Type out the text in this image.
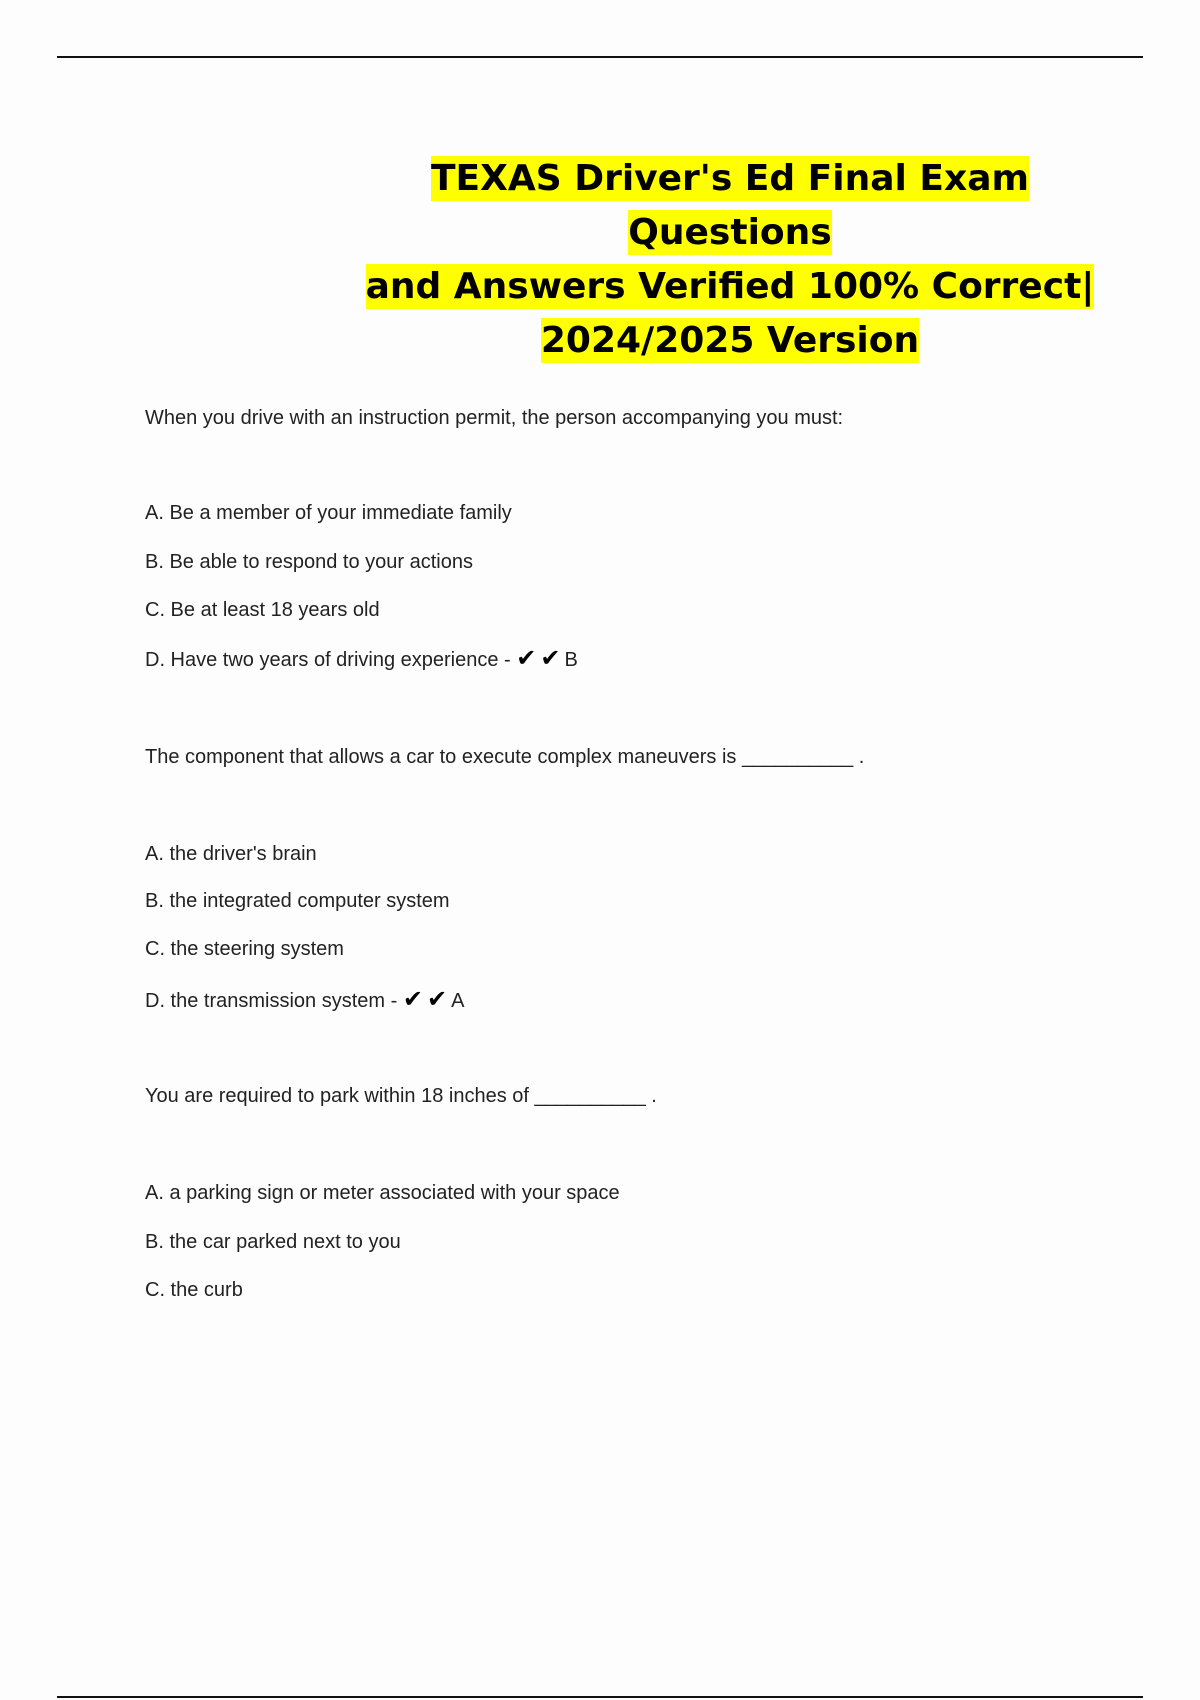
TEXAS Driver's Ed Final Exam Questions
and Answers Verified 100% Correct|
2024/2025 Version
When you drive with an instruction permit, the person accompanying you must:
A. Be a member of your immediate family
B. Be able to respond to your actions
C. Be at least 18 years old
D. Have two years of driving experience - ✔ ✔ B
The component that allows a car to execute complex maneuvers is __________ .
A. the driver's brain
B. the integrated computer system
C. the steering system
D. the transmission system - ✔ ✔ A
You are required to park within 18 inches of __________ .
A. a parking sign or meter associated with your space
B. the car parked next to you
C. the curb
